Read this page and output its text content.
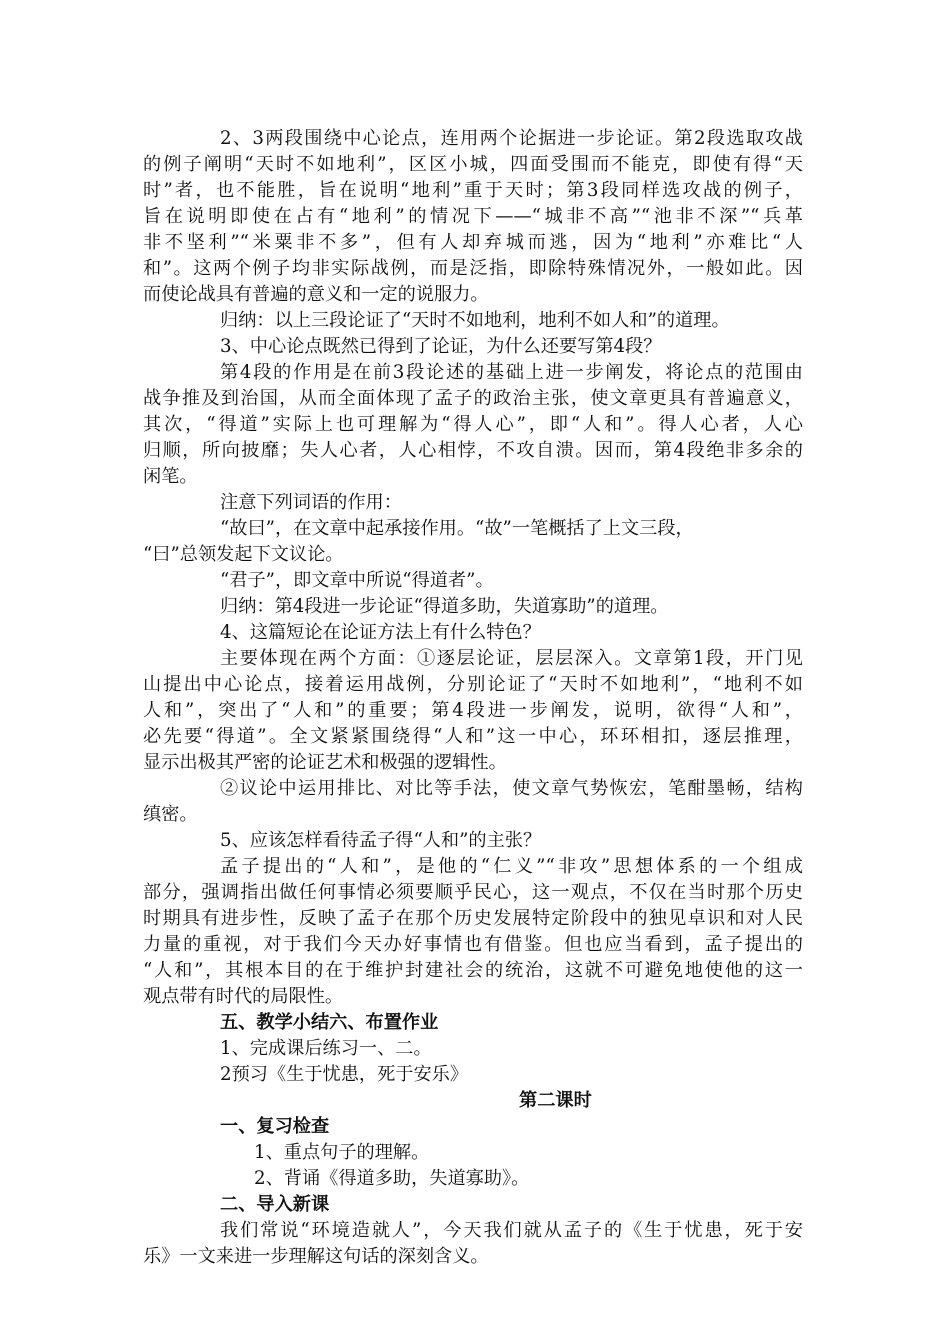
2、3两段围绕中心论点，连用两个论据进一步论证。第2段选取攻战
的例子阐明“天时不如地利”，区区小城，四面受围而不能克，即使有得“天
时”者，也不能胜，旨在说明“地利”重于天时；第3段同样选攻战的例子，
旨在说明即使在占有“地利”的情况下——“城非不高”“池非不深”“兵革
非不坚利”“米粟非不多”，但有人却弃城而逃，因为“地利”亦难比“人
和”。这两个例子均非实际战例，而是泛指，即除特殊情况外，一般如此。因
而使论战具有普遍的意义和一定的说服力。
归纳：以上三段论证了“天时不如地利，地利不如人和”的道理。
3、中心论点既然已得到了论证，为什么还要写第4段？
第4段的作用是在前3段论述的基础上进一步阐发，将论点的范围由
战争推及到治国，从而全面体现了孟子的政治主张，使文章更具有普遍意义，
其次，“得道”实际上也可理解为“得人心”，即“人和”。得人心者，人心
归顺，所向披靡；失人心者，人心相悖，不攻自溃。因而，第4段绝非多余的
闲笔。
注意下列词语的作用：
“故曰”，在文章中起承接作用。“故”一笔概括了上文三段，
“曰”总领发起下文议论。
“君子”，即文章中所说“得道者”。
归纳：第4段进一步论证“得道多助，失道寡助”的道理。
4、这篇短论在论证方法上有什么特色？
主要体现在两个方面：①逐层论证，层层深入。文章第1段，开门见
山提出中心论点，接着运用战例，分别论证了“天时不如地利”，“地利不如
人和”，突出了“人和”的重要；第4段进一步阐发，说明，欲得“人和”，
必先要“得道”。全文紧紧围绕得“人和”这一中心，环环相扣，逐层推理，
显示出极其严密的论证艺术和极强的逻辑性。
②议论中运用排比、对比等手法，使文章气势恢宏，笔酣墨畅，结构
缜密。
5、应该怎样看待孟子得“人和”的主张？
孟子提出的“人和”，是他的“仁义”“非攻”思想体系的一个组成
部分，强调指出做任何事情必须要顺乎民心，这一观点，不仅在当时那个历史
时期具有进步性，反映了孟子在那个历史发展特定阶段中的独见卓识和对人民
力量的重视，对于我们今天办好事情也有借鉴。但也应当看到，孟子提出的
“人和”，其根本目的在于维护封建社会的统治，这就不可避免地使他的这一
观点带有时代的局限性。
五、教学小结六、布置作业
1、完成课后练习一、二。
2预习《生于忧患，死于安乐》
第二课时
一、复习检查
1、重点句子的理解。
2、背诵《得道多助，失道寡助》。
二、导入新课
我们常说“环境造就人”，今天我们就从孟子的《生于忧患，死于安
乐》一文来进一步理解这句话的深刻含义。
